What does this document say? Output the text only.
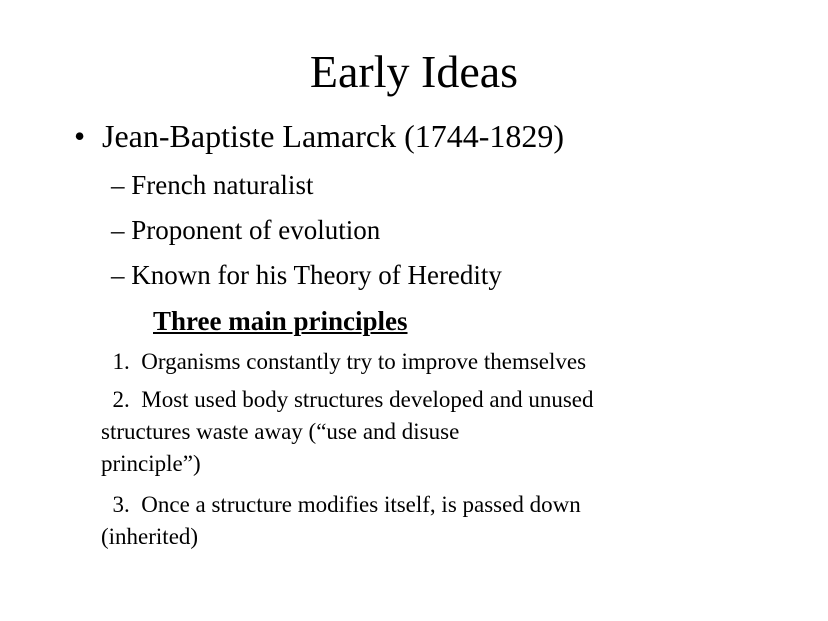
Early Ideas
• Jean-Baptiste Lamarck (1744-1829)
– French naturalist
– Proponent of evolution
– Known for his Theory of Heredity
Three main principles
1.  Organisms constantly try to improve themselves
2.  Most used body structures developed and unused
structures waste away (“use and disuse
principle”)
3.  Once a structure modifies itself, is passed down
(inherited)
